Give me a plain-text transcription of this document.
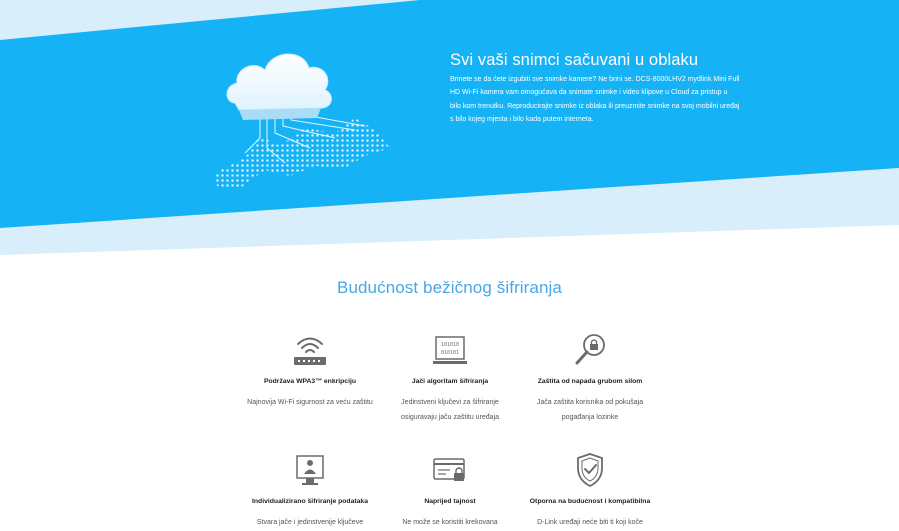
Svi vaši snimci sačuvani u oblaku
Brinete se da ćete izgubiti sve snimke kamere? Ne brini se. DCS-8000LHV2 mydlink Mini Full HD Wi-Fi kamera vam omogućava da snimate snimke i video klipove u Cloud za pristup u bilo kom trenutku. Reproducirajte snimke iz oblaka ili preuzmite snimke na svoj mobilni uređaj s bilo kojeg mjesta i bilo kada putem interneta.
Budućnost bežičnog šifriranja
Podržava WPA3™ enkripciju
Najnovija Wi-Fi sigurnost za veću zaštitu
101010
010101
Jači algoritam šifriranja
Jedinstveni ključevi za šifriranje osiguravaju jaču zaštitu uređaja
Zaštita od napada grubom silom
Jača zaštita korisnika od pokušaja pogađanja lozinke
Individualizirano šifriranje podataka
Stvara jače i jedinstvenije ključeve
Naprijed tajnost
Ne može se koristiti krekovana
Otporna na budućnost i kompatibilna
D-Link uređaji neće biti ti koji koče
